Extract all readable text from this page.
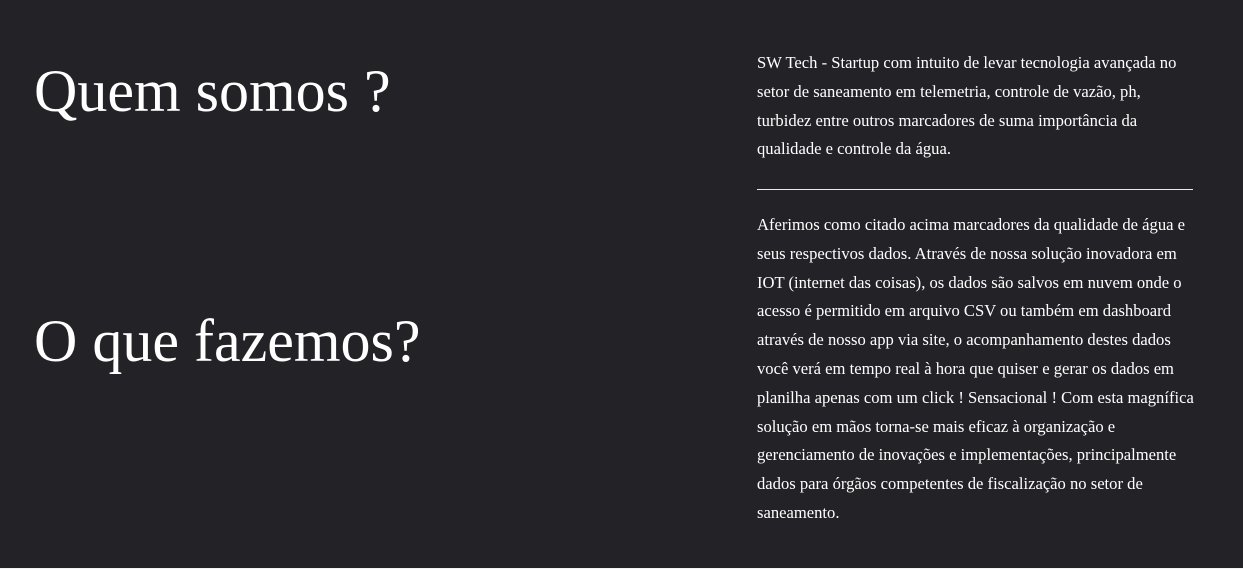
Quem somos ?	SW Tech - Startup com intuito de levar tecnologia avançada no setor de saneamento em telemetria, controle de vazão, ph, turbidez entre outros marcadores de suma importância da qualidade e controle da água.

O que fazemos?

Aferimos como citado acima marcadores da qualidade de água e seus respectivos dados. Através de nossa solução inovadora em IOT (internet das coisas), os dados são salvos em nuvem onde o acesso é permitido em arquivo CSV ou também em dashboard através de nosso app via site, o acompanhamento destes dados você verá em tempo real à hora que quiser e gerar os dados em planilha apenas com um click ! Sensacional ! Com esta magnífica solução em mãos torna-se mais eficaz à organização e gerenciamento de inovações e implementações, principalmente dados para órgãos competentes de fiscalização no setor de saneamento.
